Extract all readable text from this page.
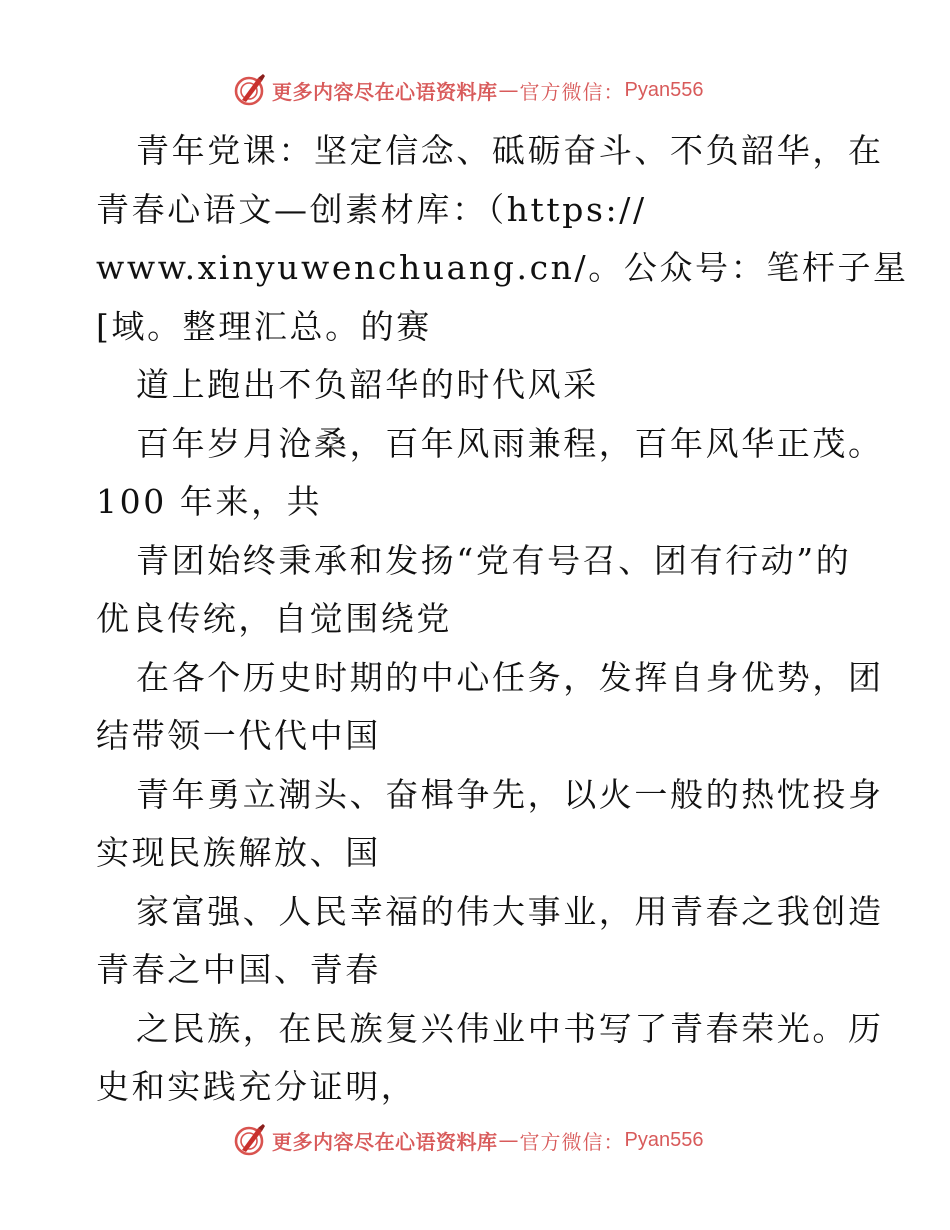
更多内容尽在心语资料库 — 官方微信： Pyan556
青年党课：坚定信念、砥砺奋斗、不负韶华，在
青春心语文—创素材库：（https://
www.xinyuwenchuang.cn/。公众号：笔杆子星
[域。整理汇总。的赛
道上跑出不负韶华的时代风采
百年岁月沧桑，百年风雨兼程，百年风华正茂。
100 年来，共
青团始终秉承和发扬“党有号召、团有行动”的
优良传统，自觉围绕党
在各个历史时期的中心任务，发挥自身优势，团
结带领一代代中国
青年勇立潮头、奋楫争先，以火一般的热忱投身
实现民族解放、国
家富强、人民幸福的伟大事业，用青春之我创造
青春之中国、青春
之民族，在民族复兴伟业中书写了青春荣光。历
史和实践充分证明，
更多内容尽在心语资料库 — 官方微信： Pyan556
